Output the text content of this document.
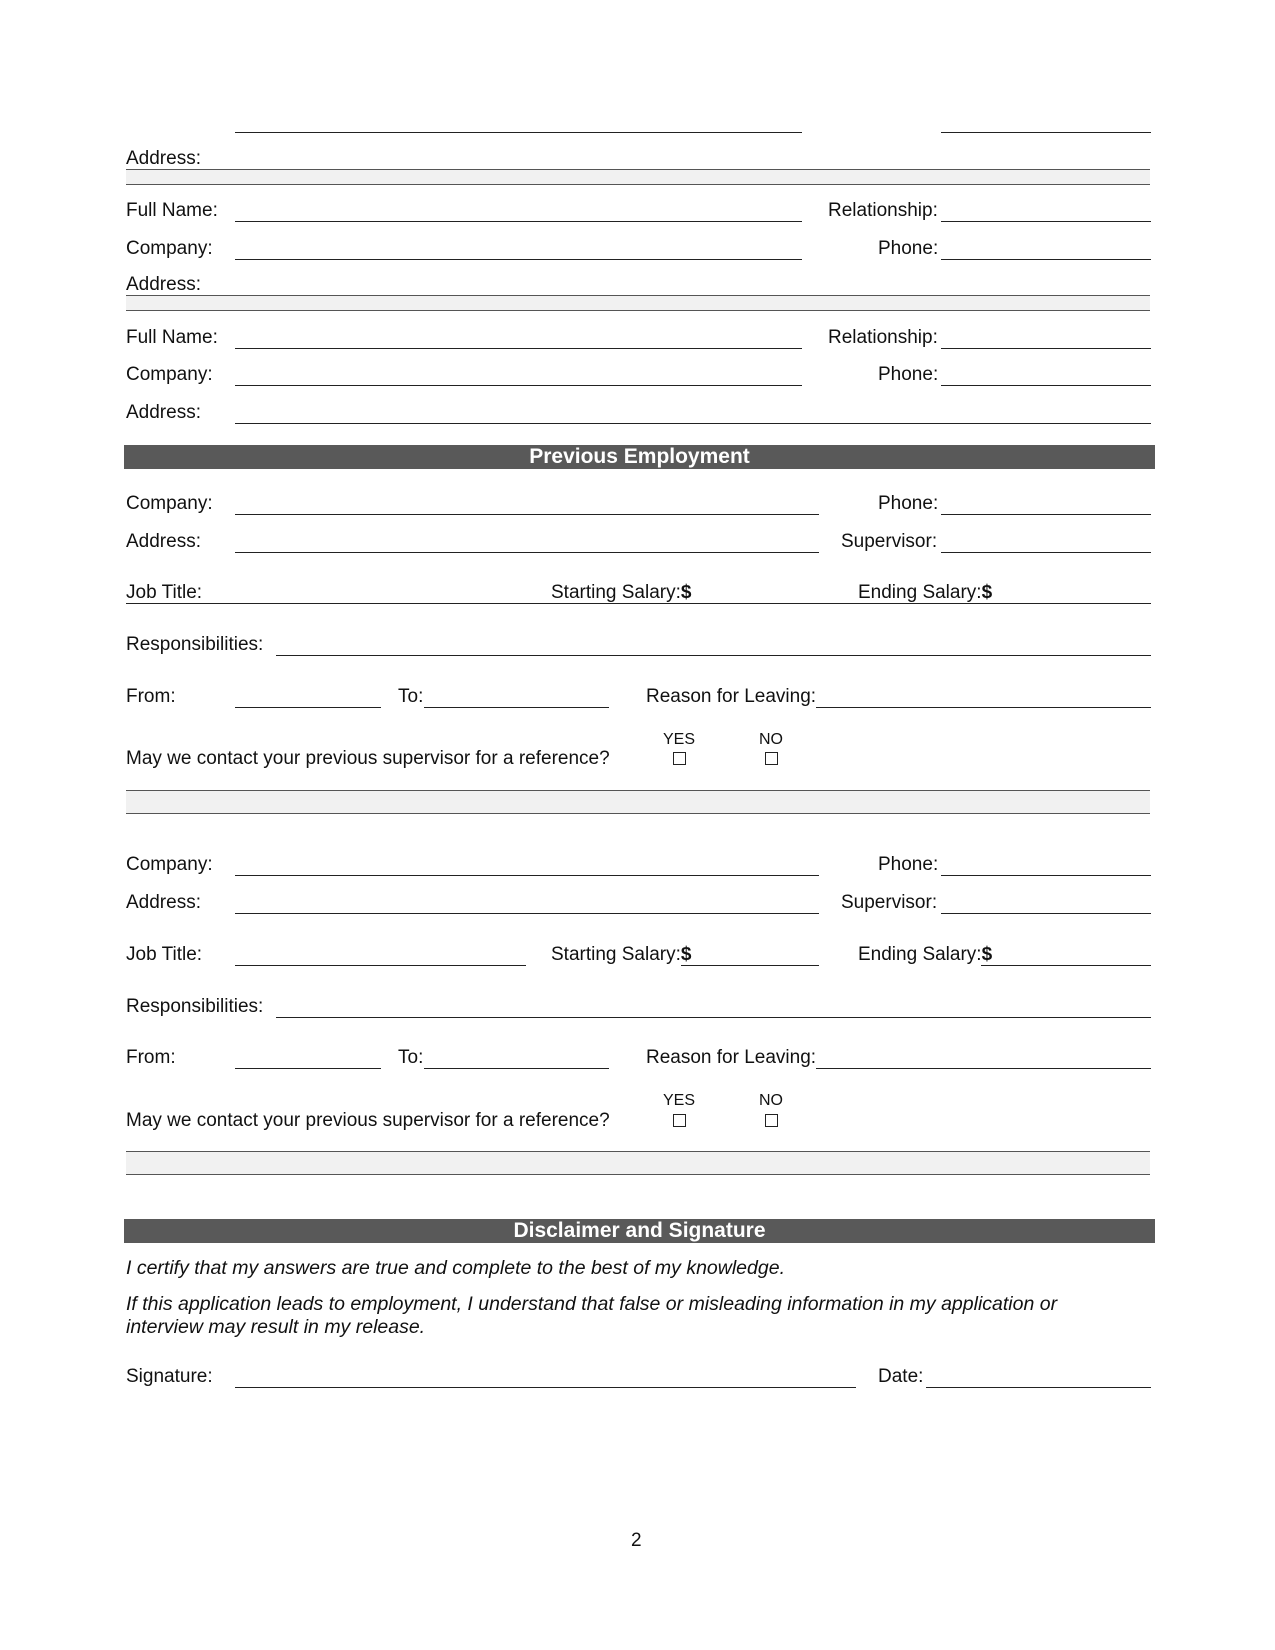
Address:
Full Name:	Relationship:
Company:	Phone:
Address:
Full Name:	Relationship:
Company:	Phone:
Address:
Previous Employment
Company:	Phone:
Address:	Supervisor:
Job Title:	Starting Salary:$	Ending Salary:$
Responsibilities:
From:	To:	Reason for Leaving:
YES	NO
May we contact your previous supervisor for a reference?
Company:	Phone:
Address:	Supervisor:
Job Title:	Starting Salary:$	Ending Salary:$
Responsibilities:
From:	To:	Reason for Leaving:
YES	NO
May we contact your previous supervisor for a reference?
Disclaimer and Signature
I certify that my answers are true and complete to the best of my knowledge.
If this application leads to employment, I understand that false or misleading information in my application or
interview may result in my release.
Signature:	Date:
2
